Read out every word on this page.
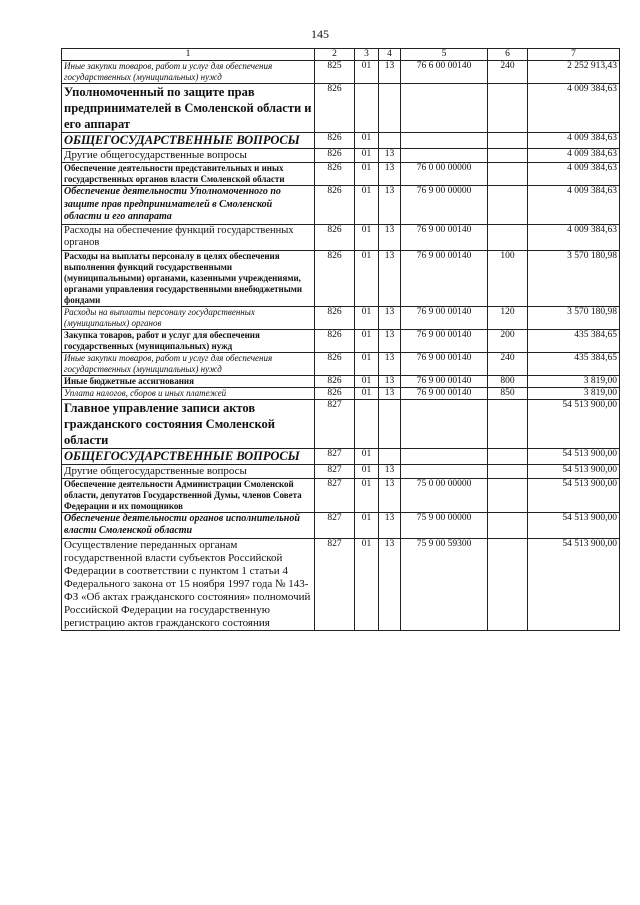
145
1	2	3	4	5	6	7
Иные закупки товаров, работ и услуг для обеспечения государственных (муниципальных) нужд	825	01	13	76 6 00 00140	240	2 252 913,43
Уполномоченный по защите прав предпринимателей в Смоленской области и его аппарат	826					4 009 384,63
ОБЩЕГОСУДАРСТВЕННЫЕ ВОПРОСЫ	826	01				4 009 384,63
Другие общегосударственные вопросы	826	01	13			4 009 384,63
Обеспечение деятельности представительных и иных государственных органов власти Смоленской области	826	01	13	76 0 00 00000		4 009 384,63
Обеспечение деятельности Уполномоченного по защите прав предпринимателей в Смоленской области и его аппарата	826	01	13	76 9 00 00000		4 009 384,63
Расходы на обеспечение функций государственных органов	826	01	13	76 9 00 00140		4 009 384,63
Расходы на выплаты персоналу в целях обеспечения выполнения функций государственными (муниципальными) органами, казенными учреждениями, органами управления государственными внебюджетными фондами	826	01	13	76 9 00 00140	100	3 570 180,98
Расходы на выплаты персоналу государственных (муниципальных) органов	826	01	13	76 9 00 00140	120	3 570 180,98
Закупка товаров, работ и услуг для обеспечения государственных (муниципальных) нужд	826	01	13	76 9 00 00140	200	435 384,65
Иные закупки товаров, работ и услуг для обеспечения государственных (муниципальных) нужд	826	01	13	76 9 00 00140	240	435 384,65
Иные бюджетные ассигнования	826	01	13	76 9 00 00140	800	3 819,00
Уплата налогов, сборов и иных платежей	826	01	13	76 9 00 00140	850	3 819,00
Главное управление записи актов гражданского состояния Смоленской области	827					54 513 900,00
ОБЩЕГОСУДАРСТВЕННЫЕ ВОПРОСЫ	827	01				54 513 900,00
Другие общегосударственные вопросы	827	01	13			54 513 900,00
Обеспечение деятельности Администрации Смоленской области, депутатов Государственной Думы, членов Совета Федерации и их помощников	827	01	13	75 0 00 00000		54 513 900,00
Обеспечение деятельности органов исполнительной власти Смоленской области	827	01	13	75 9 00 00000		54 513 900,00
Осуществление переданных органам государственной власти субъектов Российской Федерации в соответствии с пунктом 1 статьи 4 Федерального закона от 15 ноября 1997 года № 143-ФЗ «Об актах гражданского состояния» полномочий Российской Федерации на государственную регистрацию актов гражданского состояния	827	01	13	75 9 00 59300		54 513 900,00
